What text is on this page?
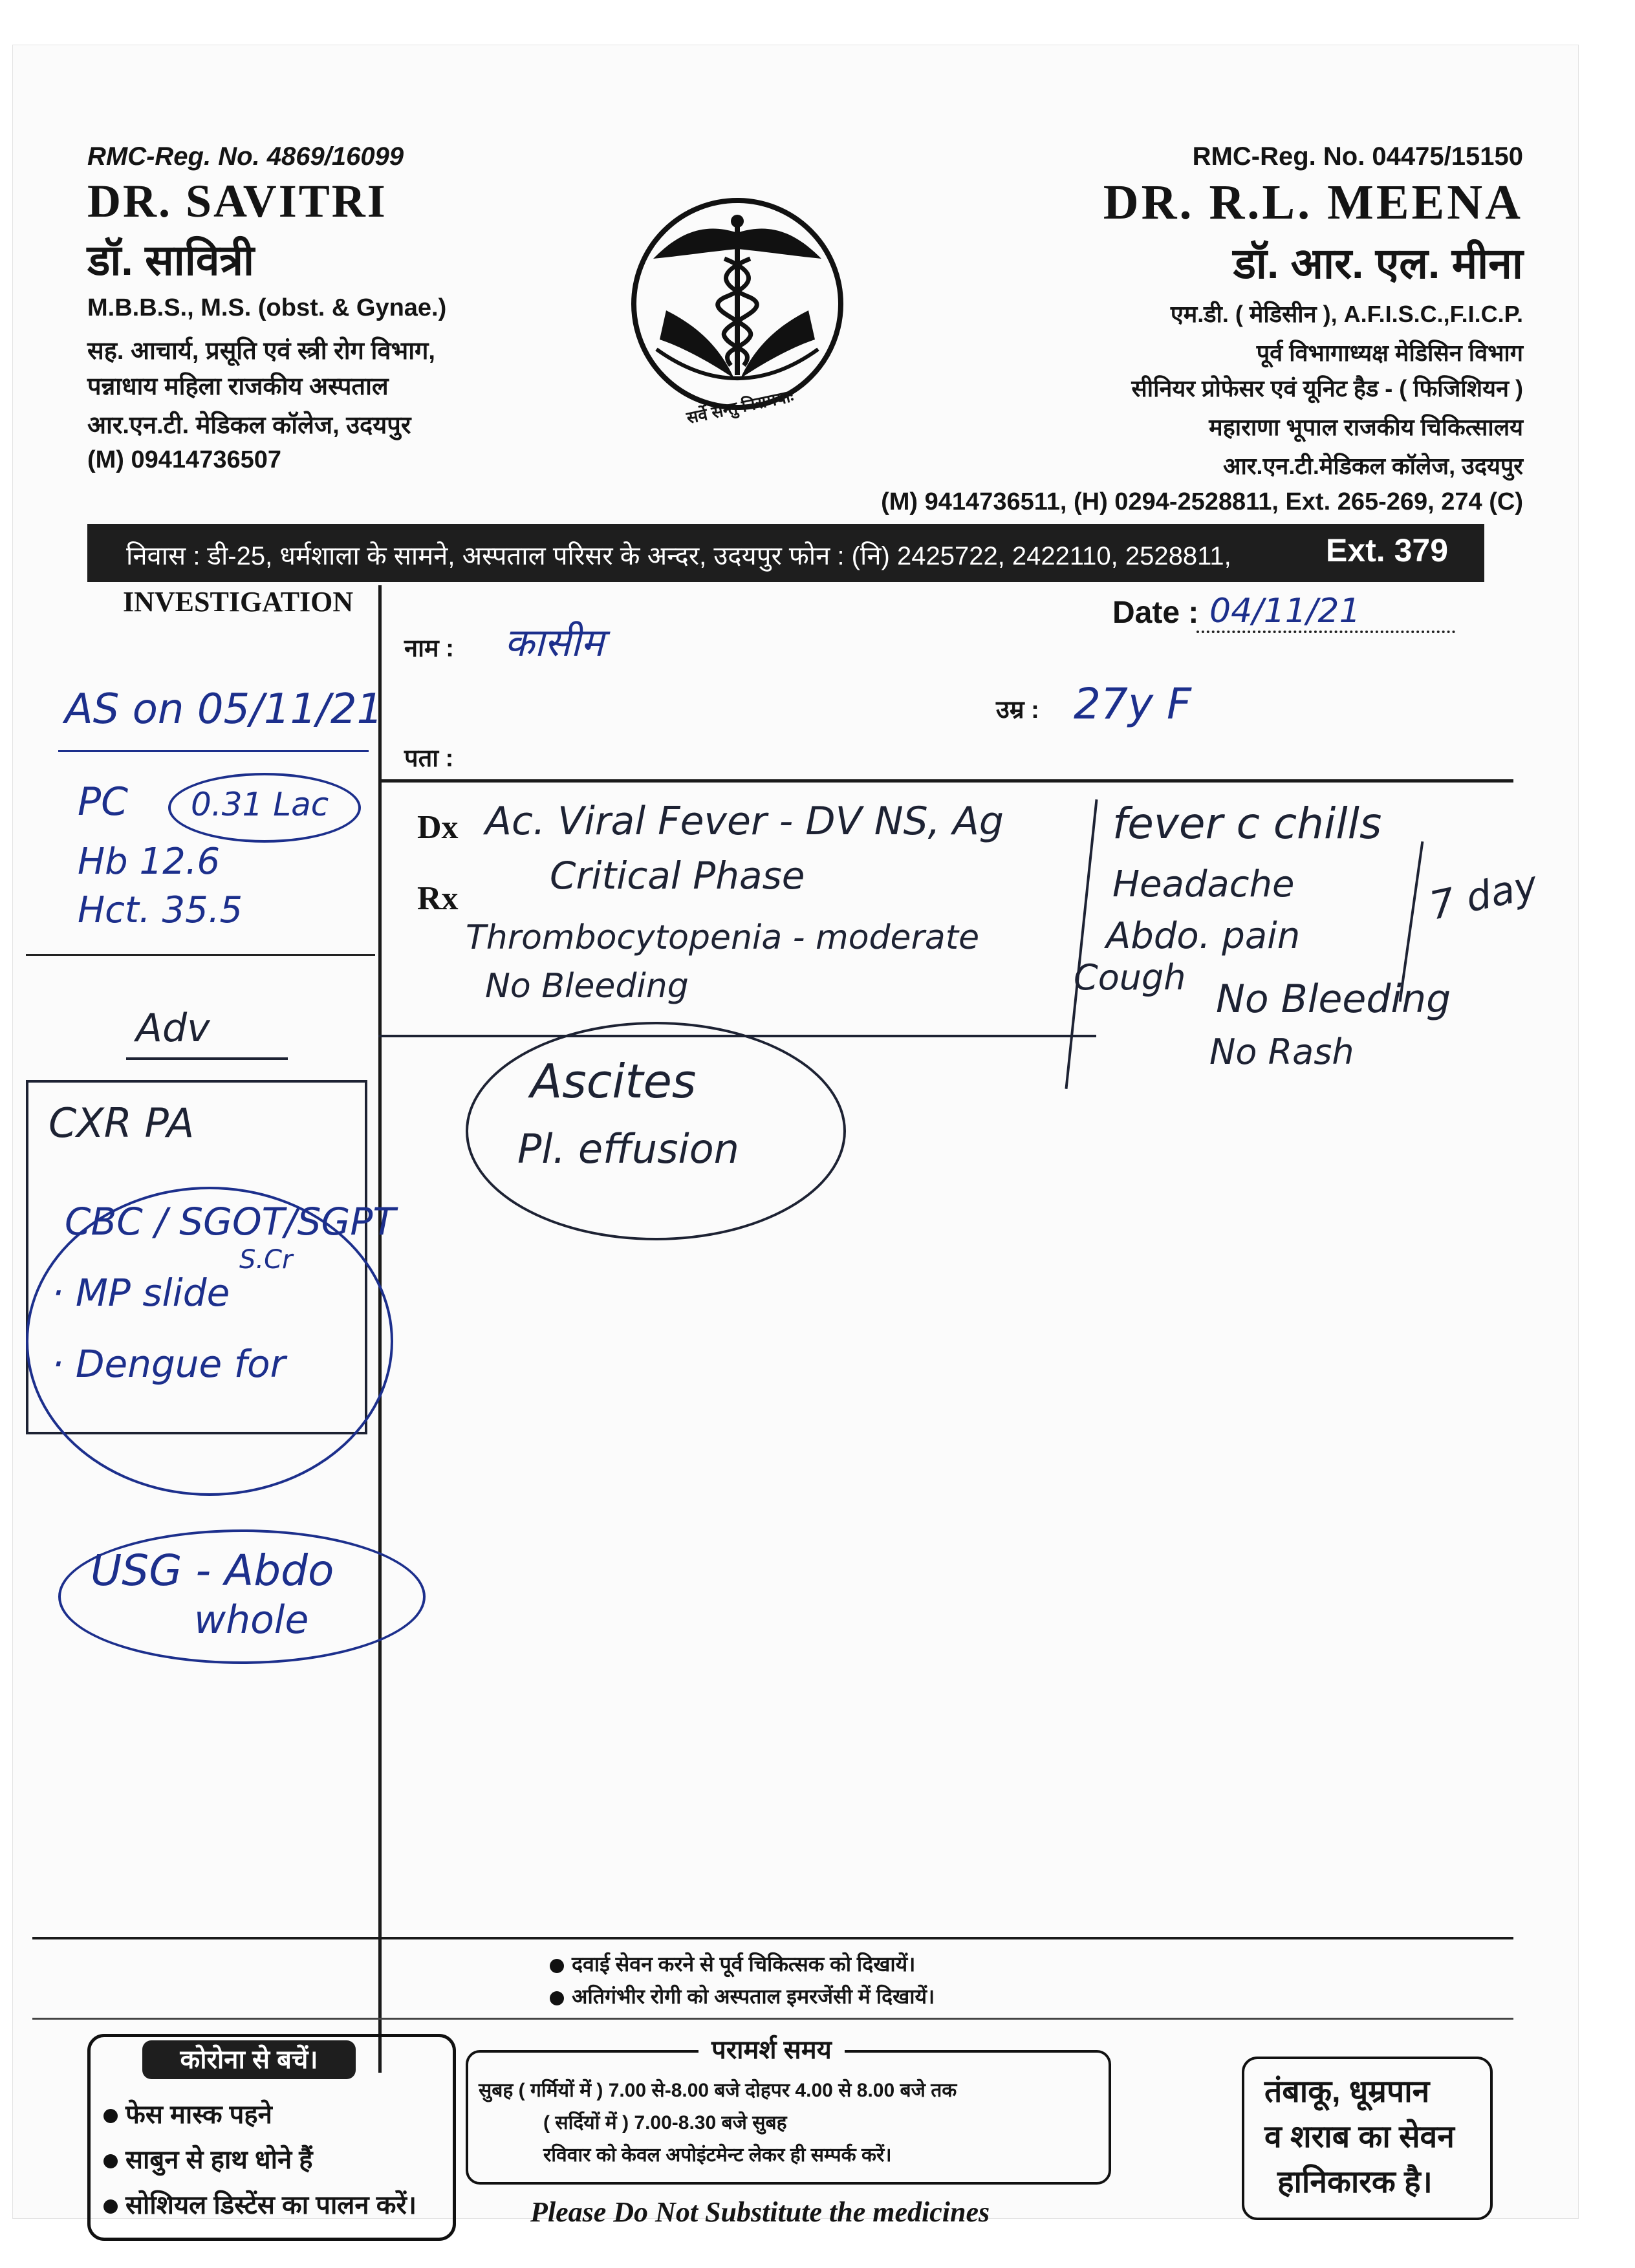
RMC-Reg. No. 4869/16099
DR. SAVITRI
डॉ. सावित्री
M.B.B.S., M.S. (obst. & Gynae.)
सह. आचार्य, प्रसूति एवं स्त्री रोग विभाग,
पन्नाधाय महिला राजकीय अस्पताल
आर.एन.टी. मेडिकल कॉलेज, उदयपुर
(M) 09414736507
सर्वे सन्तु निरामयाः
RMC-Reg. No. 04475/15150
DR. R.L. MEENA
डॉ. आर. एल. मीना
एम.डी. ( मेडिसीन ), A.F.I.S.C.,F.I.C.P.
पूर्व विभागाध्यक्ष मेडिसिन विभाग
सीनियर प्रोफेसर एवं यूनिट हैड - ( फिजिशियन )
महाराणा भूपाल राजकीय चिकित्सालय
आर.एन.टी.मेडिकल कॉलेज, उदयपुर
(M) 9414736511, (H) 0294-2528811, Ext. 265-269, 274 (C)
निवास : डी-25, धर्मशाला के सामने, अस्पताल परिसर के अन्दर, उदयपुर फोन : (नि) 2425722, 2422110, 2528811,	Ext. 379
INVESTIGATION	Date : 04/11/21
नाम : कासीम
उम्र : 27y F
पता :
Dx
Rx
AS on 05/11/21
PC 0.31 Lac
Hb 12.6
Hct. 35.5
Adv
CXR PA
CBC / SGOT/SGPT
S.Cr
· MP slide
· Dengue for
USG - Abdo
whole
Ac. Viral Fever - DV NS, Ag
Critical Phase
Thrombocytopenia - moderate
No Bleeding
Ascites
Pl. effusion
fever c chills
Headache
Abdo. pain
Cough No Bleeding
No Rash
7 day
दवाई सेवन करने से पूर्व चिकित्सक को दिखायें।
अतिगंभीर रोगी को अस्पताल इमरजेंसी में दिखायें।
कोरोना से बचें।
फेस मास्क पहने
साबुन से हाथ धोने हैं
सोशियल डिस्टेंस का पालन करें।
परामर्श समय
सुबह ( गर्मियों में ) 7.00 से-8.00 बजे दोहपर 4.00 से 8.00 बजे तक
( सर्दियों में ) 7.00-8.30 बजे सुबह
रविवार को केवल अपोइंटमेन्ट लेकर ही सम्पर्क करें।
Please Do Not Substitute the medicines
तंबाकू, धूम्रपान
व शराब का सेवन
हानिकारक है।
